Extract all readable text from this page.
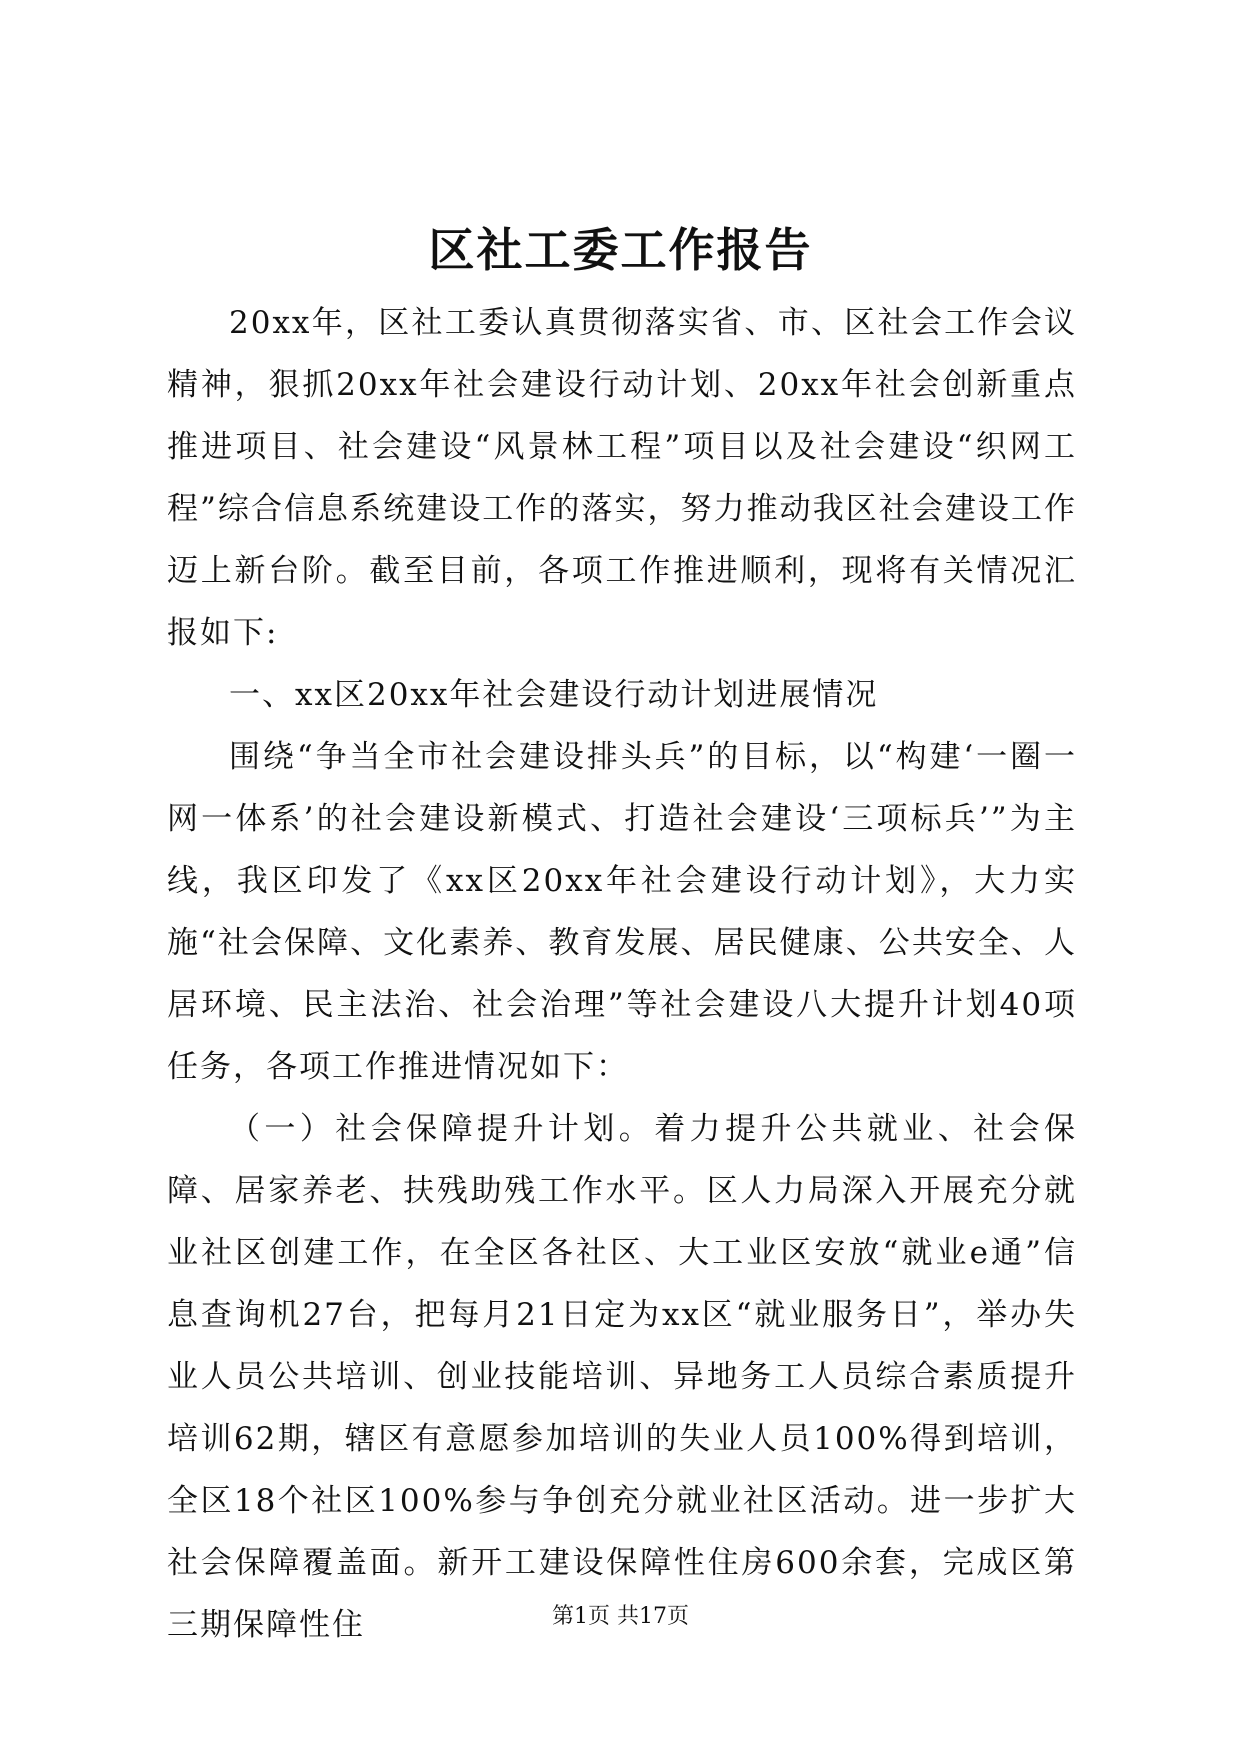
区社工委工作报告

20xx年，区社工委认真贯彻落实省、市、区社会工作会议精神，狠抓20xx年社会建设行动计划、20xx年社会创新重点推进项目、社会建设“风景林工程”项目以及社会建设“织网工程”综合信息系统建设工作的落实，努力推动我区社会建设工作迈上新台阶。截至目前，各项工作推进顺利，现将有关情况汇报如下:

一、xx区20xx年社会建设行动计划进展情况

围绕“争当全市社会建设排头兵”的目标，以“构建‘一圈一网一体系’的社会建设新模式、打造社会建设‘三项标兵’”为主线，我区印发了《xx区20xx年社会建设行动计划》，大力实施“社会保障、文化素养、教育发展、居民健康、公共安全、人居环境、民主法治、社会治理”等社会建设八大提升计划40项任务，各项工作推进情况如下：

（一）社会保障提升计划。着力提升公共就业、社会保障、居家养老、扶残助残工作水平。区人力局深入开展充分就业社区创建工作，在全区各社区、大工业区安放“就业e通”信息查询机27台，把每月21日定为xx区“就业服务日”，举办失业人员公共培训、创业技能培训、异地务工人员综合素质提升培训62期，辖区有意愿参加培训的失业人员100%得到培训，全区18个社区100%参与争创充分就业社区活动。进一步扩大社会保障覆盖面。新开工建设保障性住房600余套，完成区第三期保障性住	第1页 共17页
